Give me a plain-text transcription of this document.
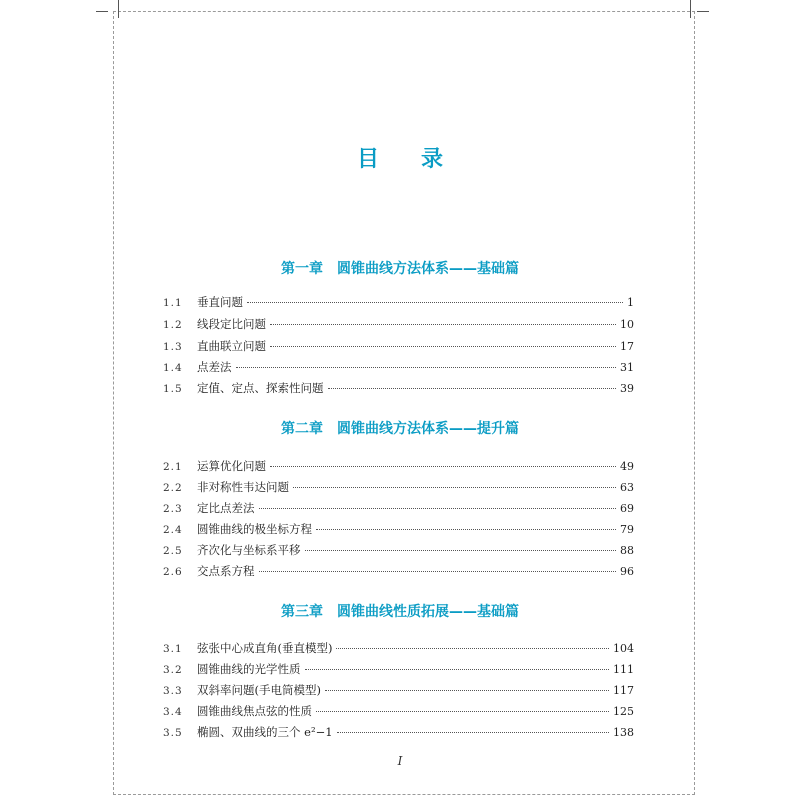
目 录
第一章 圆锥曲线方法体系——基础篇
1.1	垂直问题	1
1.2	线段定比问题	10
1.3	直曲联立问题	17
1.4	点差法	31
1.5	定值、定点、探索性问题	39
第二章 圆锥曲线方法体系——提升篇
2.1	运算优化问题	49
2.2	非对称性韦达问题	63
2.3	定比点差法	69
2.4	圆锥曲线的极坐标方程	79
2.5	齐次化与坐标系平移	88
2.6	交点系方程	96
第三章 圆锥曲线性质拓展——基础篇
3.1	弦张中心成直角(垂直模型)	104
3.2	圆锥曲线的光学性质	111
3.3	双斜率问题(手电筒模型)	117
3.4	圆锥曲线焦点弦的性质	125
3.5	椭圆、双曲线的三个 e²−1	138
I
